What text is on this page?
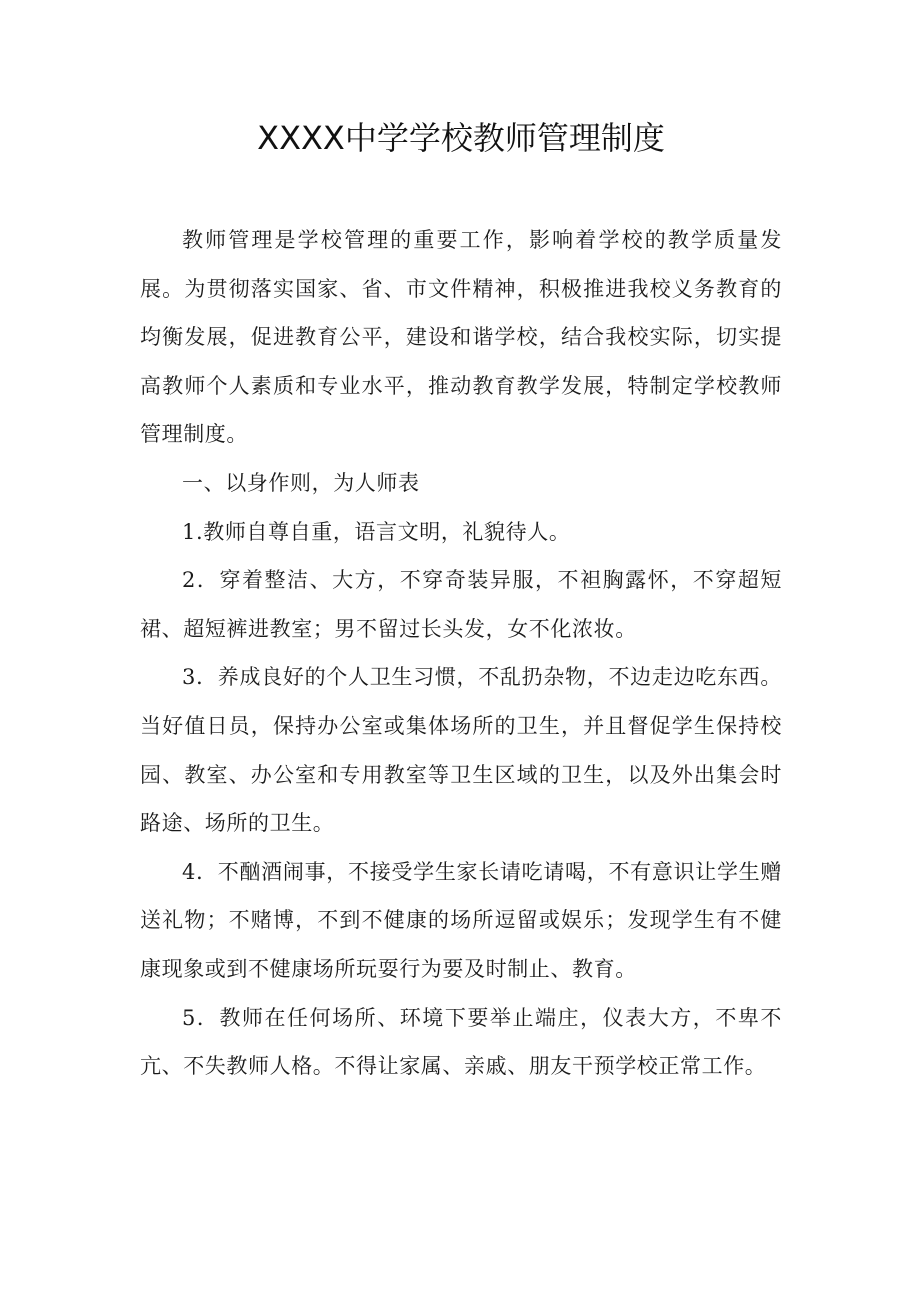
XXXX中学学校教师管理制度

教师管理是学校管理的重要工作，影响着学校的教学质量发展。为贯彻落实国家、省、市文件精神，积极推进我校义务教育的均衡发展，促进教育公平，建设和谐学校，结合我校实际，切实提高教师个人素质和专业水平，推动教育教学发展，特制定学校教师管理制度。

一、以身作则，为人师表

1.教师自尊自重，语言文明，礼貌待人。

2．穿着整洁、大方，不穿奇装异服，不袒胸露怀，不穿超短裙、超短裤进教室；男不留过长头发，女不化浓妆。

3．养成良好的个人卫生习惯，不乱扔杂物，不边走边吃东西。当好值日员，保持办公室或集体场所的卫生，并且督促学生保持校园、教室、办公室和专用教室等卫生区域的卫生，以及外出集会时路途、场所的卫生。

4．不酗酒闹事，不接受学生家长请吃请喝，不有意识让学生赠送礼物；不赌博，不到不健康的场所逗留或娱乐；发现学生有不健康现象或到不健康场所玩耍行为要及时制止、教育。

5．教师在任何场所、环境下要举止端庄，仪表大方，不卑不亢、不失教师人格。不得让家属、亲戚、朋友干预学校正常工作。
